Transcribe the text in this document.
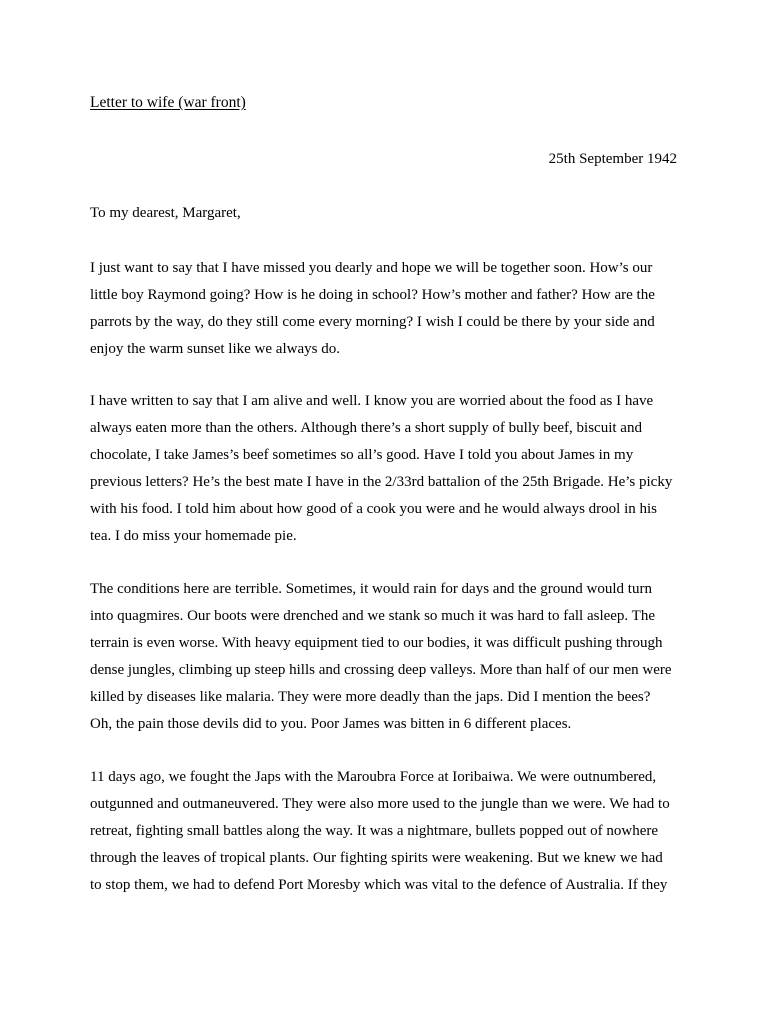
Letter to wife (war front)
25th September 1942
To my dearest, Margaret,

I just want to say that I have missed you dearly and hope we will be together soon. How’s our
little boy Raymond going? How is he doing in school? How’s mother and father? How are the
parrots by the way, do they still come every morning? I wish I could be there by your side and
enjoy the warm sunset like we always do.

I have written to say that I am alive and well. I know you are worried about the food as I have
always eaten more than the others. Although there’s a short supply of bully beef, biscuit and
chocolate, I take James’s beef sometimes so all’s good. Have I told you about James in my
previous letters? He’s the best mate I have in the 2/33rd battalion of the 25th Brigade. He’s picky
with his food. I told him about how good of a cook you were and he would always drool in his
tea. I do miss your homemade pie.

The conditions here are terrible. Sometimes, it would rain for days and the ground would turn
into quagmires. Our boots were drenched and we stank so much it was hard to fall asleep. The
terrain is even worse. With heavy equipment tied to our bodies, it was difficult pushing through
dense jungles, climbing up steep hills and crossing deep valleys. More than half of our men were
killed by diseases like malaria. They were more deadly than the japs. Did I mention the bees?
Oh, the pain those devils did to you. Poor James was bitten in 6 different places.

11 days ago, we fought the Japs with the Maroubra Force at Ioribaiwa. We were outnumbered,
outgunned and outmaneuvered. They were also more used to the jungle than we were. We had to
retreat, fighting small battles along the way. It was a nightmare, bullets popped out of nowhere
through the leaves of tropical plants. Our fighting spirits were weakening. But we knew we had
to stop them, we had to defend Port Moresby which was vital to the defence of Australia. If they
